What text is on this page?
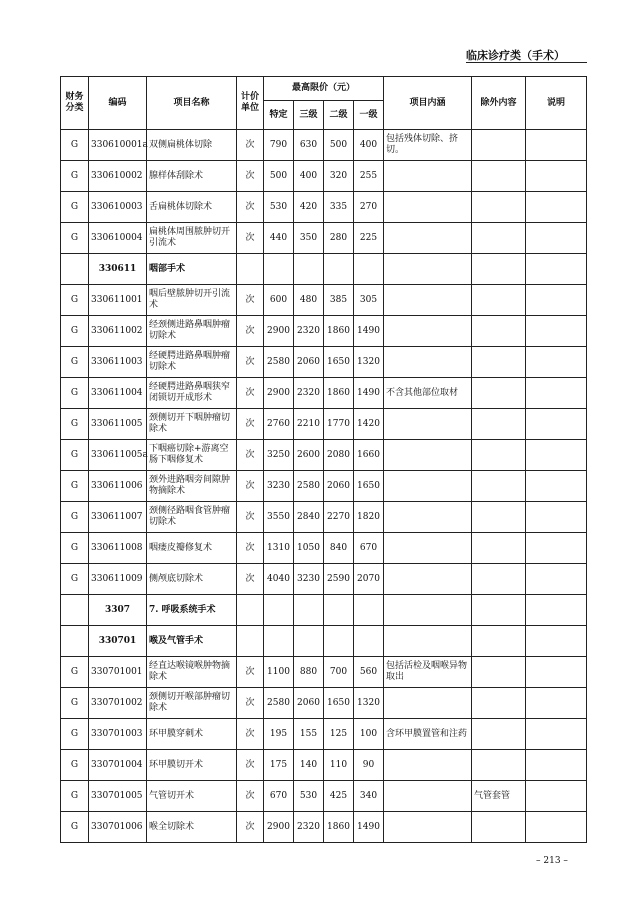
临床诊疗类（手术）
财务分类	编码	项目名称	计价单位	最高限价（元）				项目内涵	除外内容	说明
				特定	三级	二级	一级			
G	330610001a	双侧扁桃体切除	次	790	630	500	400	包括残体切除、挤切。		
G	330610002	腺样体刮除术	次	500	400	320	255			
G	330610003	舌扁桃体切除术	次	530	420	335	270			
G	330610004	扁桃体周围脓肿切开引流术	次	440	350	280	225			
	330611	咽部手术								
G	330611001	咽后壁脓肿切开引流术	次	600	480	385	305			
G	330611002	经颈侧进路鼻咽肿瘤切除术	次	2900	2320	1860	1490			
G	330611003	经硬腭进路鼻咽肿瘤切除术	次	2580	2060	1650	1320			
G	330611004	经硬腭进路鼻咽狭窄闭锁切开成形术	次	2900	2320	1860	1490	不含其他部位取材		
G	330611005	颈侧切开下咽肿瘤切除术	次	2760	2210	1770	1420			
G	330611005a	下咽癌切除+游离空肠下咽修复术	次	3250	2600	2080	1660			
G	330611006	颈外进路咽旁间隙肿物摘除术	次	3230	2580	2060	1650			
G	330611007	颈侧径路咽食管肿瘤切除术	次	3550	2840	2270	1820			
G	330611008	咽瘘皮瓣修复术	次	1310	1050	840	670			
G	330611009	侧颅底切除术	次	4040	3230	2590	2070			
	3307	7. 呼吸系统手术								
	330701	喉及气管手术								
G	330701001	经直达喉镜喉肿物摘除术	次	1100	880	700	560	包括活检及咽喉异物取出		
G	330701002	颈侧切开喉部肿瘤切除术	次	2580	2060	1650	1320			
G	330701003	环甲膜穿刺术	次	195	155	125	100	含环甲膜置管和注药		
G	330701004	环甲膜切开术	次	175	140	110	90			
G	330701005	气管切开术	次	670	530	425	340		气管套管	
G	330701006	喉全切除术	次	2900	2320	1860	1490			
– 213 –
